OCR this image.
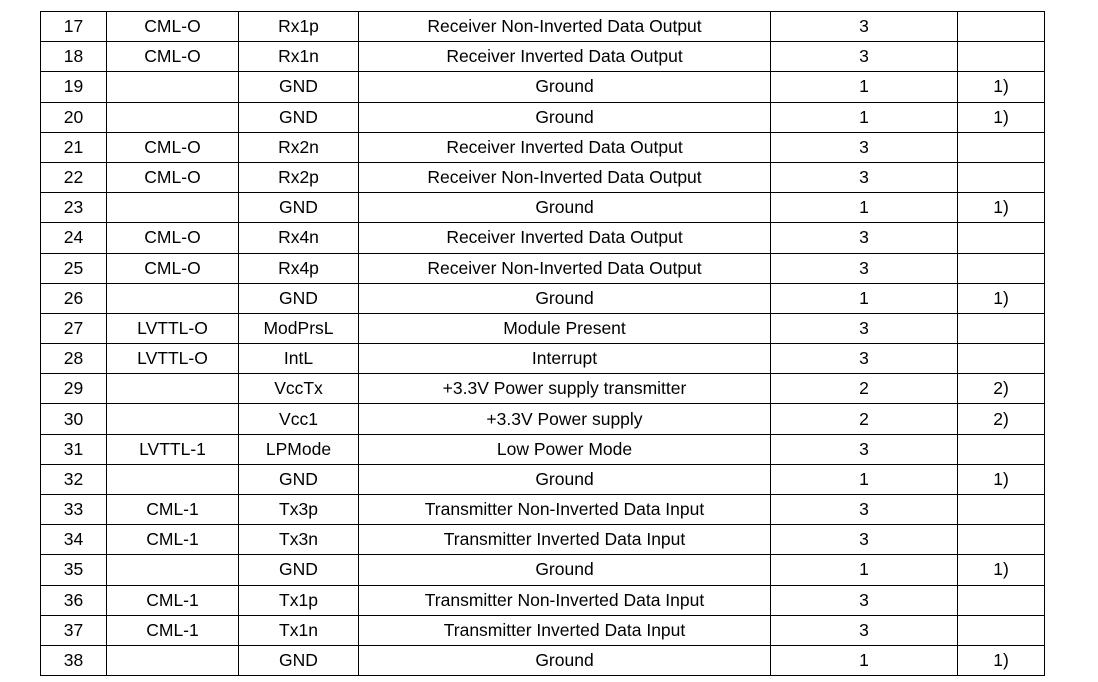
17	CML-O	Rx1p	Receiver Non-Inverted Data Output	3	
18	CML-O	Rx1n	Receiver Inverted Data Output	3	
19		GND	Ground	1	1)
20		GND	Ground	1	1)
21	CML-O	Rx2n	Receiver Inverted Data Output	3	
22	CML-O	Rx2p	Receiver Non-Inverted Data Output	3	
23		GND	Ground	1	1)
24	CML-O	Rx4n	Receiver Inverted Data Output	3	
25	CML-O	Rx4p	Receiver Non-Inverted Data Output	3	
26		GND	Ground	1	1)
27	LVTTL-O	ModPrsL	Module Present	3	
28	LVTTL-O	IntL	Interrupt	3	
29		VccTx	+3.3V Power supply transmitter	2	2)
30		Vcc1	+3.3V Power supply	2	2)
31	LVTTL-1	LPMode	Low Power Mode	3	
32		GND	Ground	1	1)
33	CML-1	Tx3p	Transmitter Non-Inverted Data Input	3	
34	CML-1	Tx3n	Transmitter Inverted Data Input	3	
35		GND	Ground	1	1)
36	CML-1	Tx1p	Transmitter Non-Inverted Data Input	3	
37	CML-1	Tx1n	Transmitter Inverted Data Input	3	
38		GND	Ground	1	1)
